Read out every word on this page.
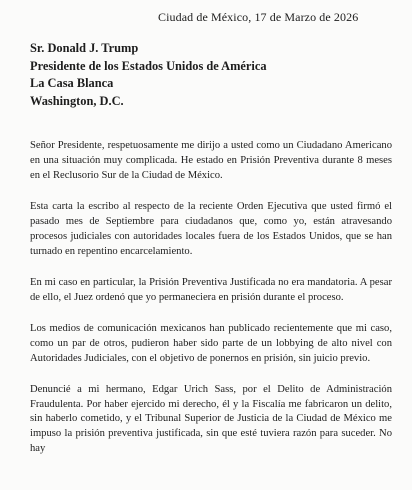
Ciudad de México, 17 de Marzo de 2026
Sr. Donald J. Trump
Presidente de los Estados Unidos de América
La Casa Blanca
Washington, D.C.

Señor Presidente, respetuosamente me dirijo a usted como un Ciudadano Americano en una situación muy complicada. He estado en Prisión Preventiva durante 8 meses en el Reclusorio Sur de la Ciudad de México.

Esta carta la escribo al respecto de la reciente Orden Ejecutiva que usted firmó el pasado mes de Septiembre para ciudadanos que, como yo, están atravesando procesos judiciales con autoridades locales fuera de los Estados Unidos, que se han turnado en repentino encarcelamiento.

En mi caso en particular, la Prisión Preventiva Justificada no era mandatoria. A pesar de ello, el Juez ordenó que yo permaneciera en prisión durante el proceso.

Los medios de comunicación mexicanos han publicado recientemente que mi caso, como un par de otros, pudieron haber sido parte de un lobbying de alto nivel con Autoridades Judiciales, con el objetivo de ponernos en prisión, sin juicio previo.

Denuncié a mi hermano, Edgar Urich Sass, por el Delito de Administración Fraudulenta. Por haber ejercido mi derecho, él y la Fiscalía me fabricaron un delito, sin haberlo cometido, y el Tribunal Superior de Justicia de la Ciudad de México me impuso la prisión preventiva justificada, sin que esté tuviera razón para suceder. No hay
